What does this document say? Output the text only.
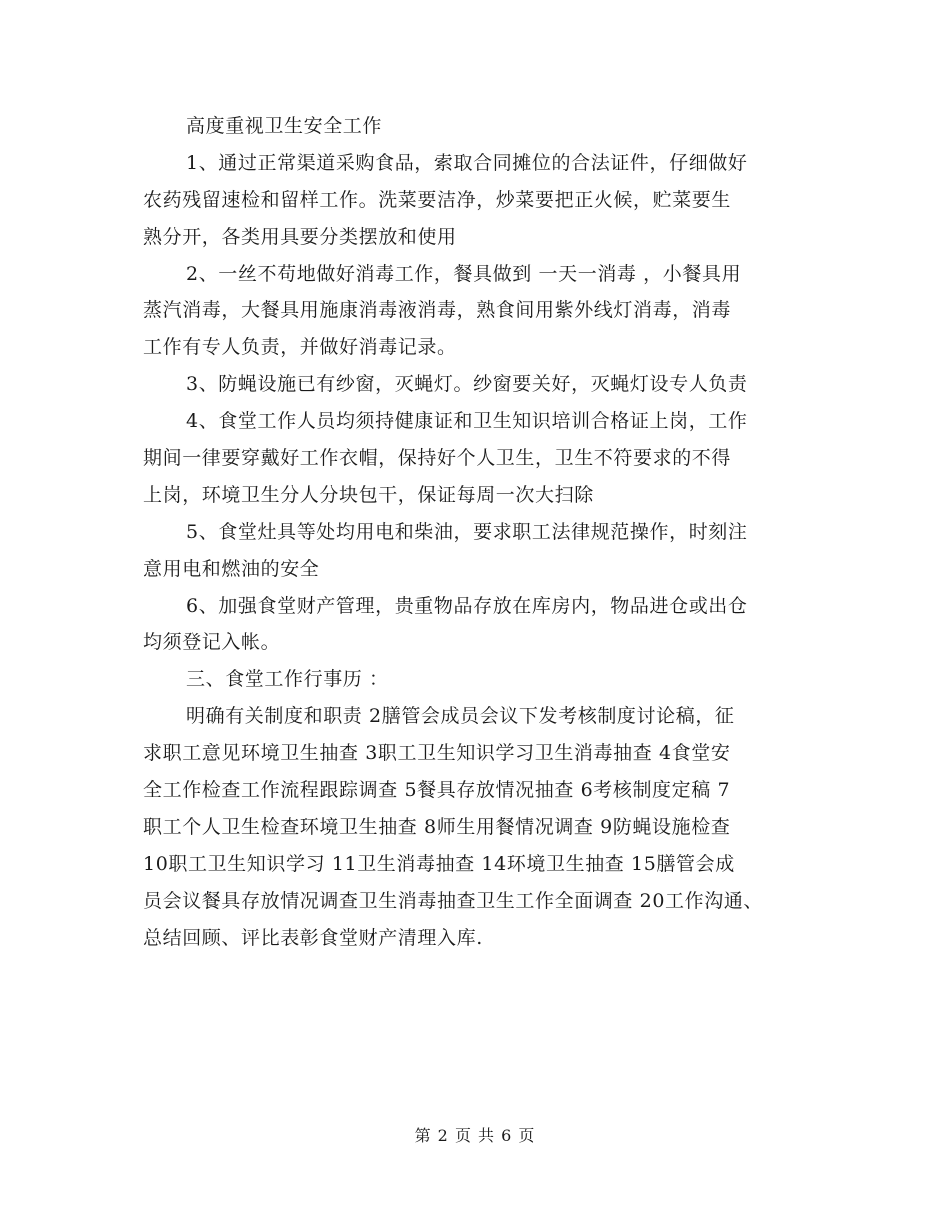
高度重视卫生安全工作
1、通过正常渠道采购食品，索取合同摊位的合法证件，仔细做好
农药残留速检和留样工作。洗菜要洁净，炒菜要把正火候，贮菜要生
熟分开，各类用具要分类摆放和使用
2、一丝不苟地做好消毒工作，餐具做到 一天一消毒 ，小餐具用
蒸汽消毒，大餐具用施康消毒液消毒，熟食间用紫外线灯消毒，消毒
工作有专人负责，并做好消毒记录。
3、防蝇设施已有纱窗，灭蝇灯。纱窗要关好，灭蝇灯设专人负责
4、食堂工作人员均须持健康证和卫生知识培训合格证上岗，工作
期间一律要穿戴好工作衣帽，保持好个人卫生，卫生不符要求的不得
上岗，环境卫生分人分块包干，保证每周一次大扫除
5、食堂灶具等处均用电和柴油，要求职工法律规范操作，时刻注
意用电和燃油的安全
6、加强食堂财产管理，贵重物品存放在库房内，物品进仓或出仓
均须登记入帐。
三、食堂工作行事历 ：
明确有关制度和职责 2膳管会成员会议下发考核制度讨论稿，征
求职工意见环境卫生抽查 3职工卫生知识学习卫生消毒抽查 4食堂安
全工作检查工作流程跟踪调查 5餐具存放情况抽查 6考核制度定稿 7
职工个人卫生检查环境卫生抽查 8师生用餐情况调查 9防蝇设施检查
10职工卫生知识学习 11卫生消毒抽查 14环境卫生抽查 15膳管会成
员会议餐具存放情况调查卫生消毒抽查卫生工作全面调查 20工作沟通、
总结回顾、评比表彰食堂财产清理入库.
第 2 页 共 6 页
